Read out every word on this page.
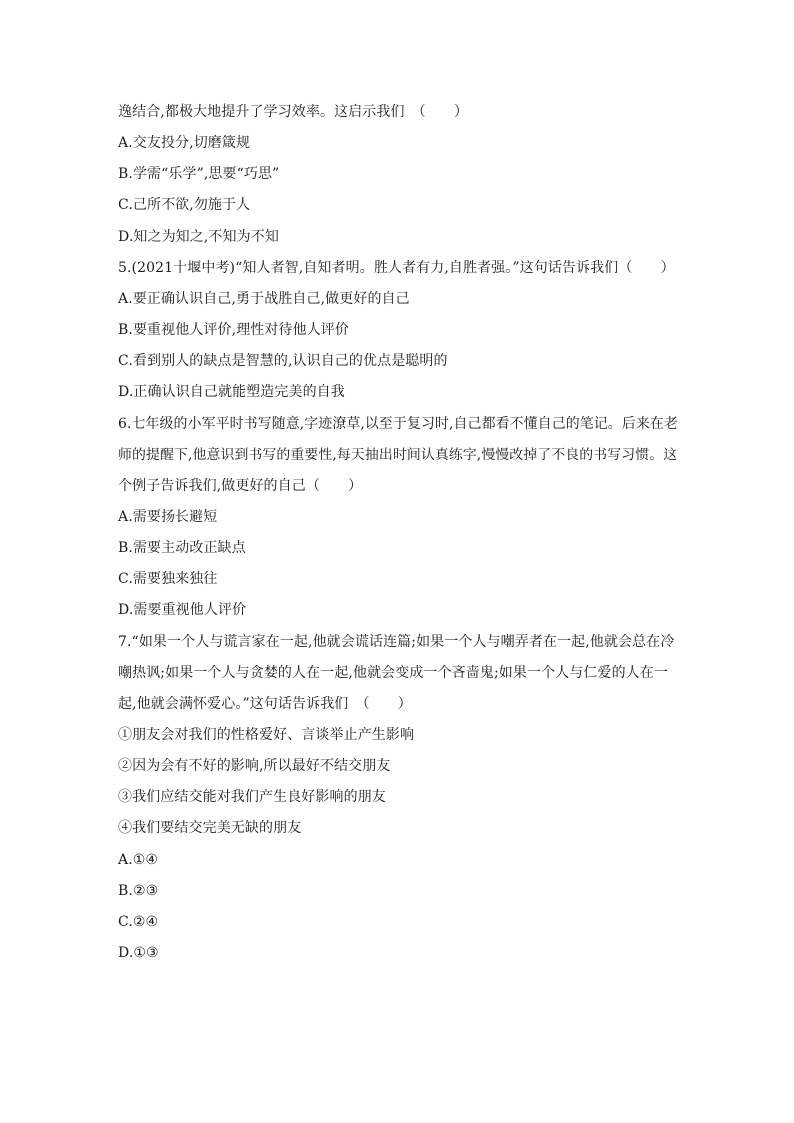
逸结合,都极大地提升了学习效率。这启示我们　（　　）
A.交友投分,切磨箴规
B.学需“乐学”,思要“巧思”
C.己所不欲,勿施于人
D.知之为知之,不知为不知
5.(2021十堰中考)“知人者智,自知者明。胜人者有力,自胜者强。”这句话告诉我们（　　）
A.要正确认识自己,勇于战胜自己,做更好的自己
B.要重视他人评价,理性对待他人评价
C.看到别人的缺点是智慧的,认识自己的优点是聪明的
D.正确认识自己就能塑造完美的自我
6.七年级的小军平时书写随意,字迹潦草,以至于复习时,自己都看不懂自己的笔记。后来在老
师的提醒下,他意识到书写的重要性,每天抽出时间认真练字,慢慢改掉了不良的书写习惯。这
个例子告诉我们,做更好的自己（　　）
A.需要扬长避短
B.需要主动改正缺点
C.需要独来独往
D.需要重视他人评价
7.“如果一个人与谎言家在一起,他就会谎话连篇;如果一个人与嘲弄者在一起,他就会总在冷
嘲热讽;如果一个人与贪婪的人在一起,他就会变成一个吝啬鬼;如果一个人与仁爱的人在一
起,他就会满怀爱心。”这句话告诉我们　（　　）
①朋友会对我们的性格爱好、言谈举止产生影响
②因为会有不好的影响,所以最好不结交朋友
③我们应结交能对我们产生良好影响的朋友
④我们要结交完美无缺的朋友
A.①④
B.②③
C.②④
D.①③
